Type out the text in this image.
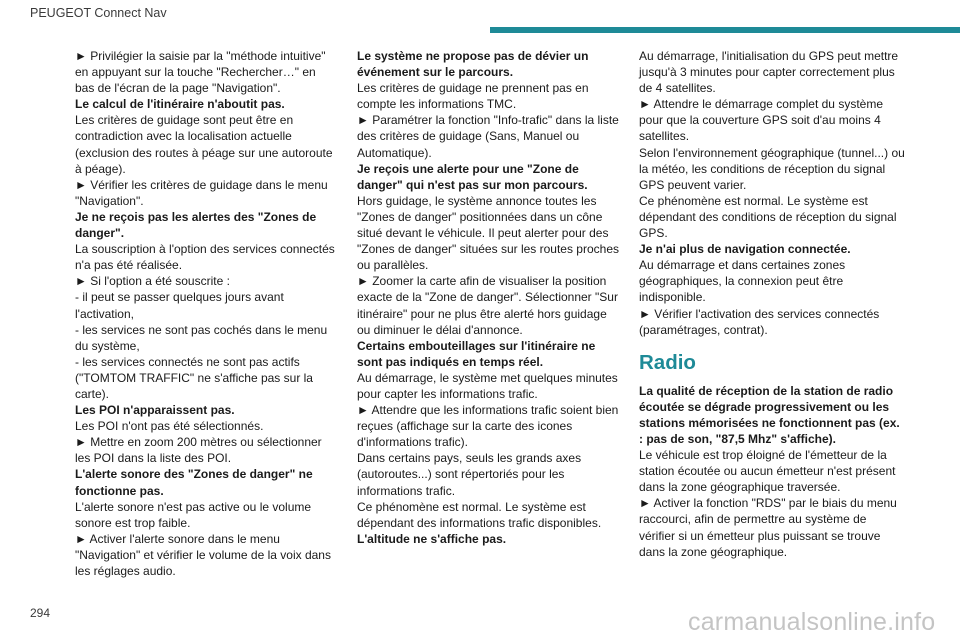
PEUGEOT Connect Nav

► Privilégier la saisie par la "méthode intuitive" en appuyant sur la touche "Rechercher…" en bas de l'écran de la page "Navigation".

Le calcul de l'itinéraire n'aboutit pas.

Les critères de guidage sont peut être en contradiction avec la localisation actuelle (exclusion des routes à péage sur une autoroute à péage).

► Vérifier les critères de guidage dans le menu "Navigation".

Je ne reçois pas les alertes des "Zones de danger".

La souscription à l'option des services connectés n'a pas été réalisée.

► Si l'option a été souscrite :

- il peut se passer quelques jours avant l'activation,

- les services ne sont pas cochés dans le menu du système,

- les services connectés ne sont pas actifs ("TOMTOM TRAFFIC" ne s'affiche pas sur la carte).

Les POI n'apparaissent pas.

Les POI n'ont pas été sélectionnés.

► Mettre en zoom 200 mètres ou sélectionner les POI dans la liste des POI.

L'alerte sonore des "Zones de danger" ne fonctionne pas.

L'alerte sonore n'est pas active ou le volume sonore est trop faible.

► Activer l'alerte sonore dans le menu "Navigation" et vérifier le volume de la voix dans les réglages audio.

Le système ne propose pas de dévier un événement sur le parcours.

Les critères de guidage ne prennent pas en compte les informations TMC.

► Paramétrer la fonction "Info-trafic" dans la liste des critères de guidage (Sans, Manuel ou Automatique).

Je reçois une alerte pour une "Zone de danger" qui n'est pas sur mon parcours.

Hors guidage, le système annonce toutes les "Zones de danger" positionnées dans un cône situé devant le véhicule. Il peut alerter pour des "Zones de danger" situées sur les routes proches ou parallèles.

► Zoomer la carte afin de visualiser la position exacte de la "Zone de danger". Sélectionner "Sur itinéraire" pour ne plus être alerté hors guidage ou diminuer le délai d'annonce.

Certains embouteillages sur l'itinéraire ne sont pas indiqués en temps réel.

Au démarrage, le système met quelques minutes pour capter les informations trafic.

► Attendre que les informations trafic soient bien reçues (affichage sur la carte des icones d'informations trafic).

Dans certains pays, seuls les grands axes (autoroutes...) sont répertoriés pour les informations trafic.

Ce phénomène est normal. Le système est dépendant des informations trafic disponibles.

L'altitude ne s'affiche pas.

Au démarrage, l'initialisation du GPS peut mettre jusqu'à 3 minutes pour capter correctement plus de 4 satellites.

► Attendre le démarrage complet du système pour que la couverture GPS soit d'au moins 4 satellites.

Selon l'environnement géographique (tunnel...) ou la météo, les conditions de réception du signal GPS peuvent varier.

Ce phénomène est normal. Le système est dépendant des conditions de réception du signal GPS.

Je n'ai plus de navigation connectée.

Au démarrage et dans certaines zones géographiques, la connexion peut être indisponible.

► Vérifier l'activation des services connectés (paramétrages, contrat).

Radio

La qualité de réception de la station de radio écoutée se dégrade progressivement ou les stations mémorisées ne fonctionnent pas (ex. : pas de son, "87,5 Mhz" s'affiche).

Le véhicule est trop éloigné de l'émetteur de la station écoutée ou aucun émetteur n'est présent dans la zone géographique traversée.

► Activer la fonction "RDS" par le biais du menu raccourci, afin de permettre au système de vérifier si un émetteur plus puissant se trouve dans la zone géographique.

294	carmanualsonline.info
